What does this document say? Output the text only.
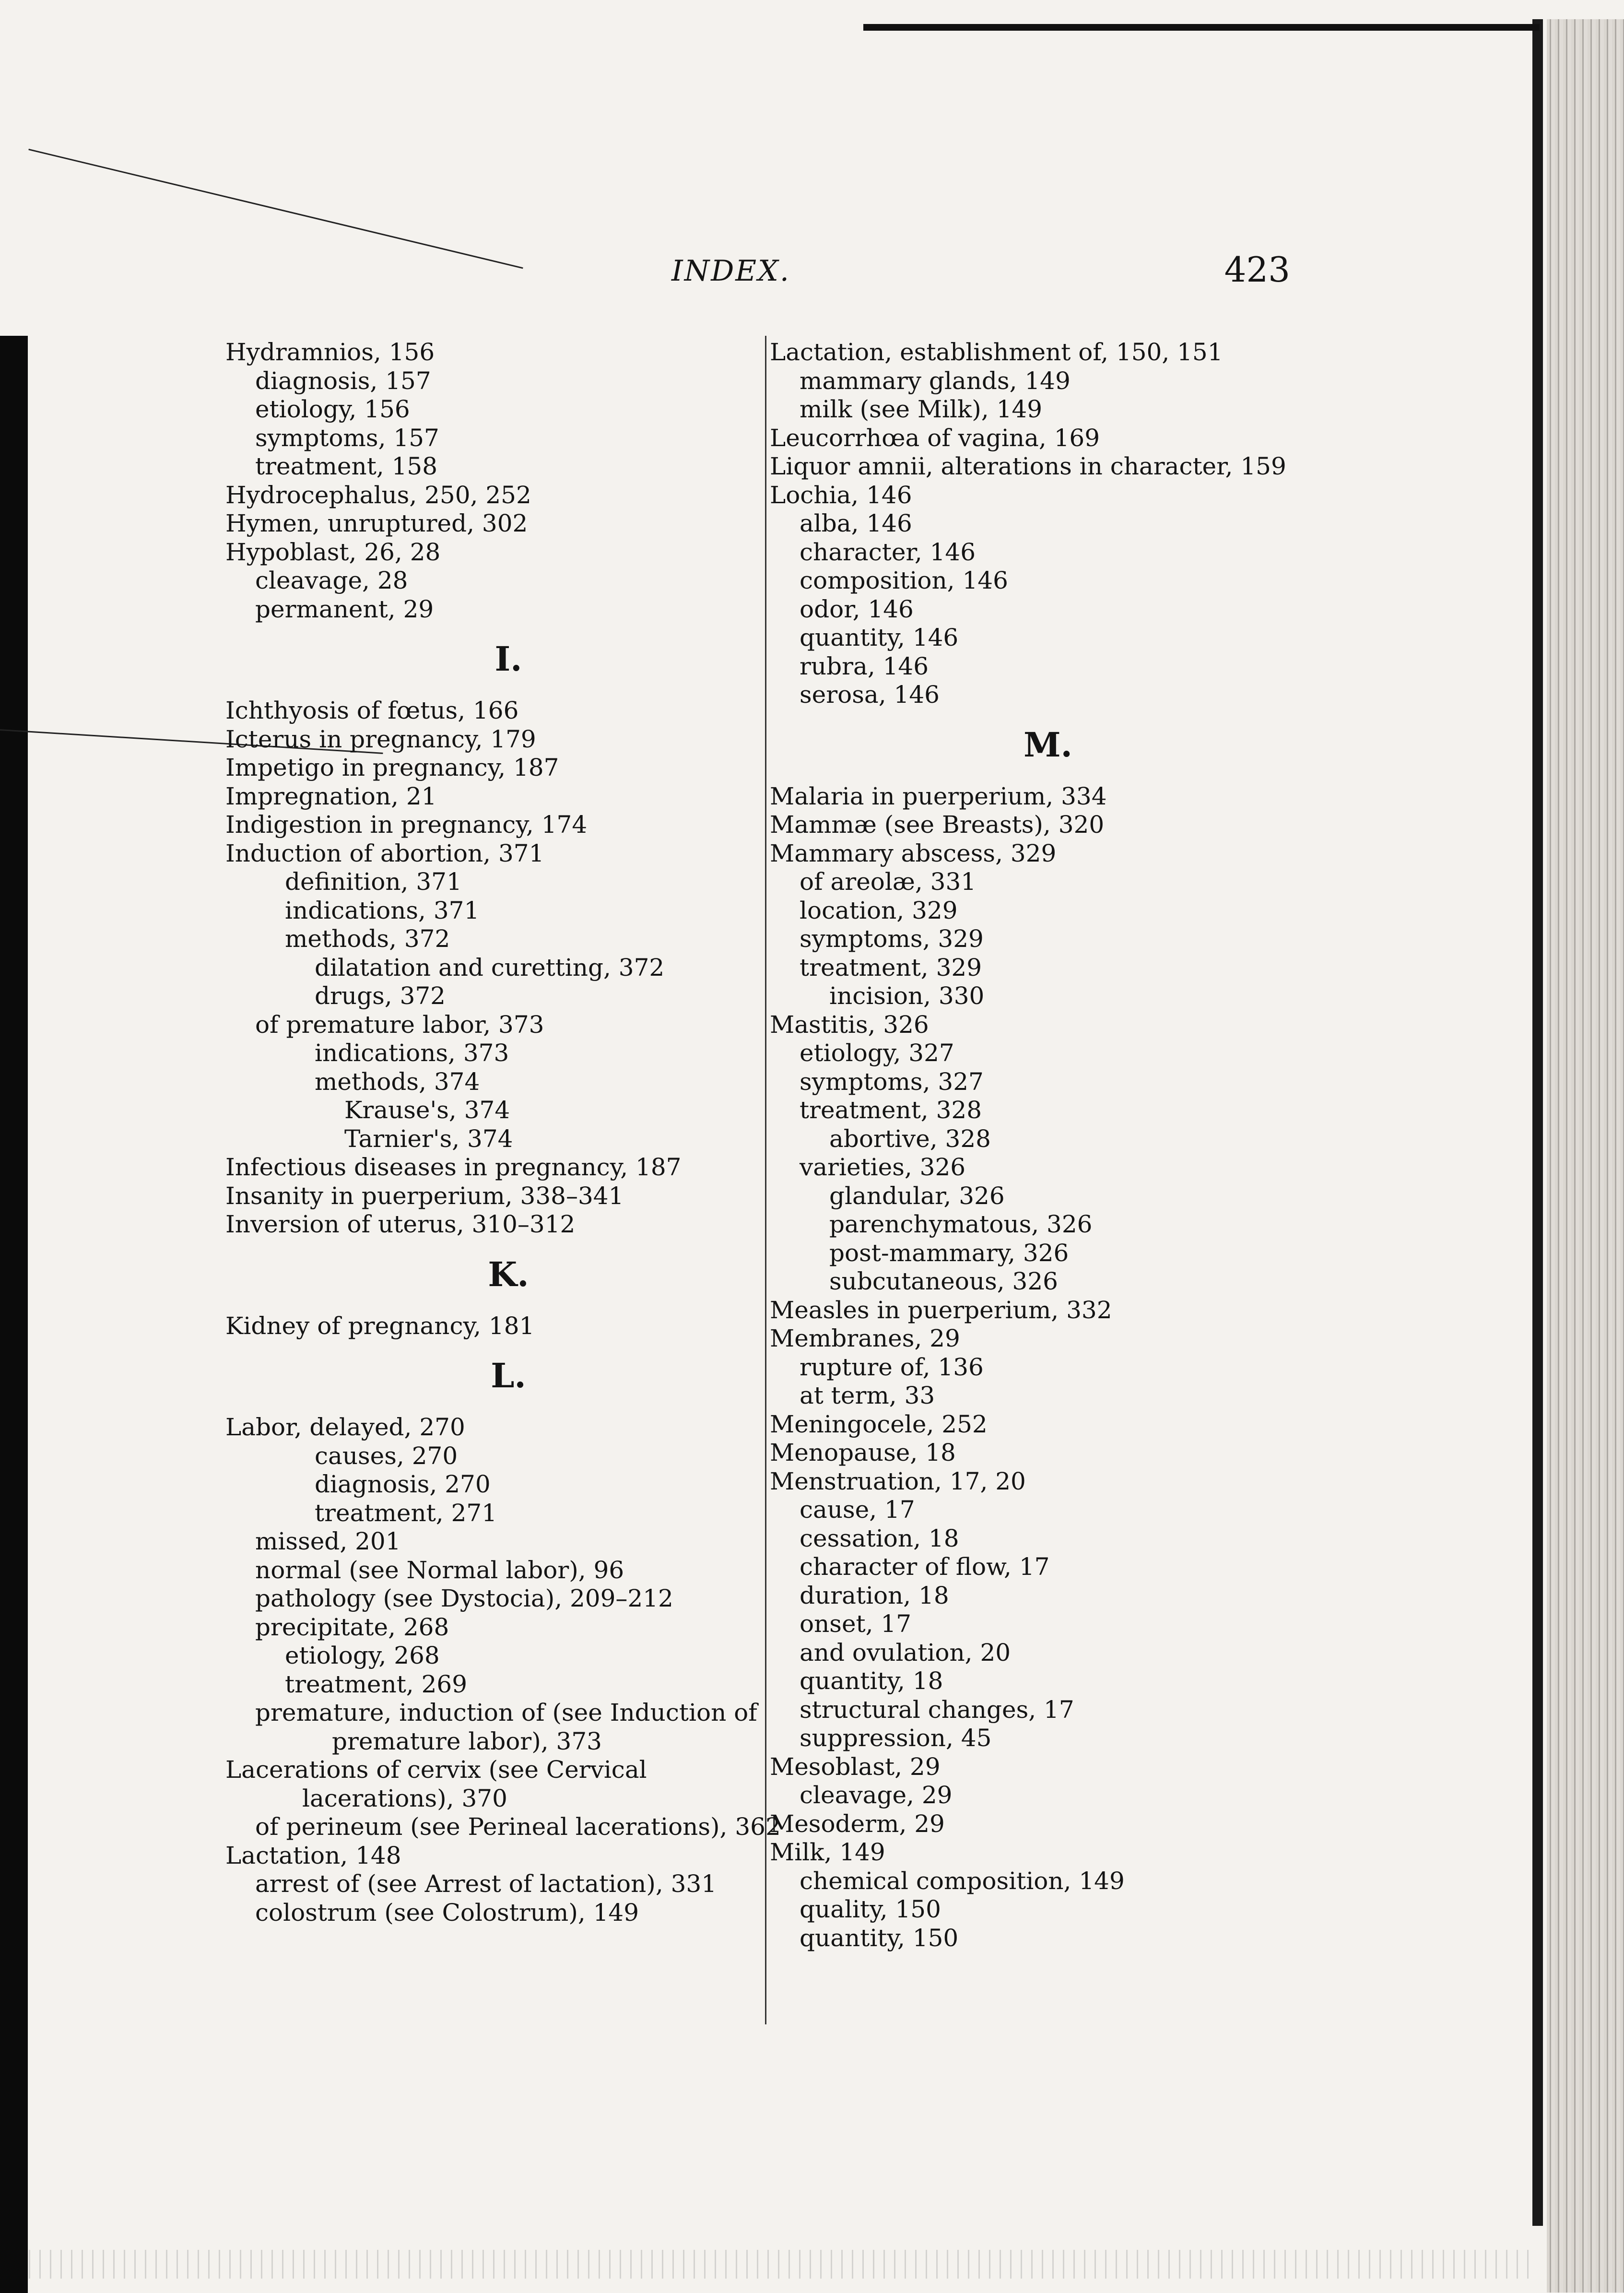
INDEX.	423
Hydramnios, 156
diagnosis, 157
etiology, 156
symptoms, 157
treatment, 158
Hydrocephalus, 250, 252
Hymen, unruptured, 302
Hypoblast, 26, 28
cleavage, 28
permanent, 29
I.
Ichthyosis of fœtus, 166
Icterus in pregnancy, 179
Impetigo in pregnancy, 187
Impregnation, 21
Indigestion in pregnancy, 174
Induction of abortion, 371
definition, 371
indications, 371
methods, 372
dilatation and curetting, 372
drugs, 372
of premature labor, 373
indications, 373
methods, 374
Krause's, 374
Tarnier's, 374
Infectious diseases in pregnancy, 187
Insanity in puerperium, 338–341
Inversion of uterus, 310–312
K.
Kidney of pregnancy, 181
L.
Labor, delayed, 270
causes, 270
diagnosis, 270
treatment, 271
missed, 201
normal (see Normal labor), 96
pathology (see Dystocia), 209–212
precipitate, 268
etiology, 268
treatment, 269
premature, induction of (see Induction of premature labor), 373
Lacerations of cervix (see Cervical lacerations), 370
of perineum (see Perineal lacerations), 362
Lactation, 148
arrest of (see Arrest of lactation), 331
colostrum (see Colostrum), 149
Lactation, establishment of, 150, 151
mammary glands, 149
milk (see Milk), 149
Leucorrhœa of vagina, 169
Liquor amnii, alterations in character, 159
Lochia, 146
alba, 146
character, 146
composition, 146
odor, 146
quantity, 146
rubra, 146
serosa, 146
M.
Malaria in puerperium, 334
Mammæ (see Breasts), 320
Mammary abscess, 329
of areolæ, 331
location, 329
symptoms, 329
treatment, 329
incision, 330
Mastitis, 326
etiology, 327
symptoms, 327
treatment, 328
abortive, 328
varieties, 326
glandular, 326
parenchymatous, 326
post-mammary, 326
subcutaneous, 326
Measles in puerperium, 332
Membranes, 29
rupture of, 136
at term, 33
Meningocele, 252
Menopause, 18
Menstruation, 17, 20
cause, 17
cessation, 18
character of flow, 17
duration, 18
onset, 17
and ovulation, 20
quantity, 18
structural changes, 17
suppression, 45
Mesoblast, 29
cleavage, 29
Mesoderm, 29
Milk, 149
chemical composition, 149
quality, 150
quantity, 150
